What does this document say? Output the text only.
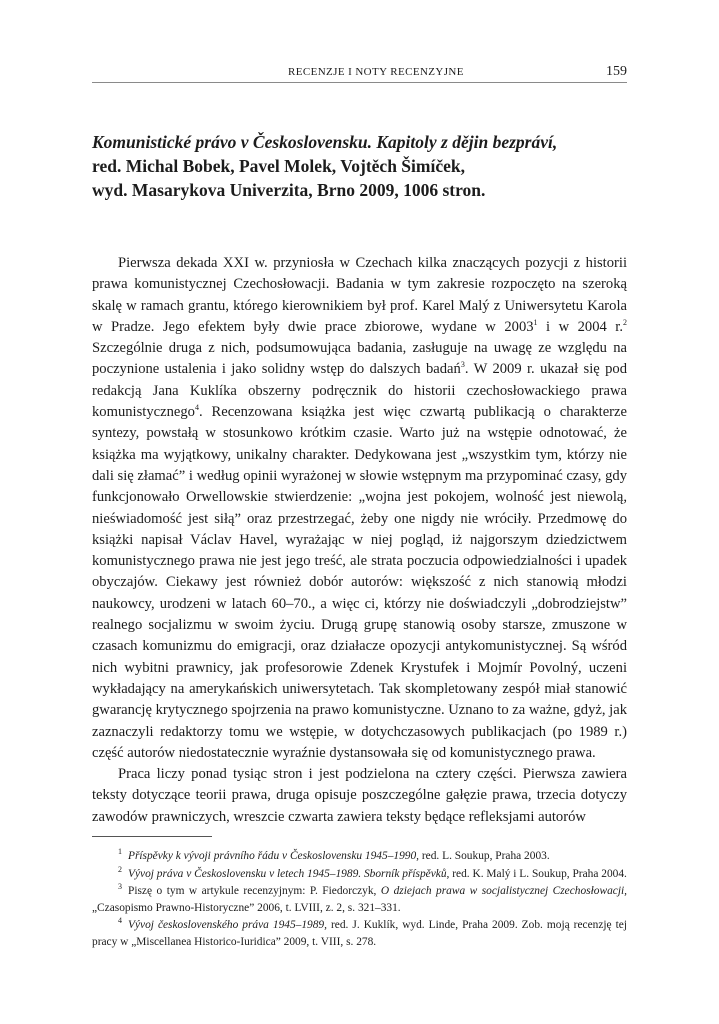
RECENZJE I NOTY RECENZYJNE	159
Komunistické právo v Československu. Kapitoly z dějin bezpráví,
red. Michal Bobek, Pavel Molek, Vojtěch Šimíček,
wyd. Masarykova Univerzita, Brno 2009, 1006 stron.

Pierwsza dekada XXI w. przyniosła w Czechach kilka znaczących pozycji z historii prawa komunistycznej Czechosłowacji. Badania w tym zakresie rozpoczęto na szeroką skalę w ramach grantu, którego kierownikiem był prof. Karel Malý z Uniwersytetu Karola w Pradze. Jego efektem były dwie prace zbiorowe, wydane w 2003$^1$ i w 2004 r.$^2$ Szczególnie druga z nich, podsumowująca badania, zasługuje na uwagę ze względu na poczynione ustalenia i jako solidny wstęp do dalszych badań$^3$. W 2009 r. ukazał się pod redakcją Jana Kuklíka obszerny podręcznik do historii czechosłowackiego prawa komunistycznego$^4$. Recenzowana książka jest więc czwartą publikacją o charakterze syntezy, powstałą w stosunkowo krótkim czasie. Warto już na wstępie odnotować, że książka ma wyjątkowy, unikalny charakter. Dedykowana jest „wszystkim tym, którzy nie dali się złamać” i według opinii wyrażonej w słowie wstępnym ma przypominać czasy, gdy funkcjonowało Orwellowskie stwierdzenie: „wojna jest pokojem, wolność jest niewolą, nieświadomość jest siłą” oraz przestrzegać, żeby one nigdy nie wróciły. Przedmowę do książki napisał Václav Havel, wyrażając w niej pogląd, iż najgorszym dziedzictwem komunistycznego prawa nie jest jego treść, ale strata poczucia odpowiedzialności i upadek obyczajów. Ciekawy jest również dobór autorów: większość z nich stanowią młodzi naukowcy, urodzeni w latach 60–70., a więc ci, którzy nie doświadczyli „dobrodziejstw” realnego socjalizmu w swoim życiu. Drugą grupę stanowią osoby starsze, zmuszone w czasach komunizmu do emigracji, oraz działacze opozycji antykomunistycznej. Są wśród nich wybitni prawnicy, jak profesorowie Zdenek Krystufek i Mojmír Povolný, uczeni wykładający na amerykańskich uniwersytetach. Tak skompletowany zespół miał stanowić gwarancję krytycznego spojrzenia na prawo komunistyczne. Uznano to za ważne, gdyż, jak zaznaczyli redaktorzy tomu we wstępie, w dotychczasowych publikacjach (po 1989 r.) część autorów niedostatecznie wyraźnie dystansowała się od komunistycznego prawa.

Praca liczy ponad tysiąc stron i jest podzielona na cztery części. Pierwsza zawiera teksty dotyczące teorii prawa, druga opisuje poszczególne gałęzie prawa, trzecia dotyczy zawodów prawniczych, wreszcie czwarta zawiera teksty będące refleksjami autorów

$^1$ Příspěvky k vývoji právního řádu v Československu 1945–1990, red. L. Soukup, Praha 2003.

$^2$ Vývoj práva v Československu v letech 1945–1989. Sborník příspěvků, red. K. Malý i L. Soukup, Praha 2004.

$^3$ Piszę o tym w artykule recenzyjnym: P. Fiedorczyk, O dziejach prawa w socjalistycznej Czechosłowacji, „Czasopismo Prawno-Historyczne” 2006, t. LVIII, z. 2, s. 321–331.

$^4$ Vývoj československého práva 1945–1989, red. J. Kuklík, wyd. Linde, Praha 2009. Zob. moją recenzję tej pracy w „Miscellanea Historico-Iuridica” 2009, t. VIII, s. 278.
